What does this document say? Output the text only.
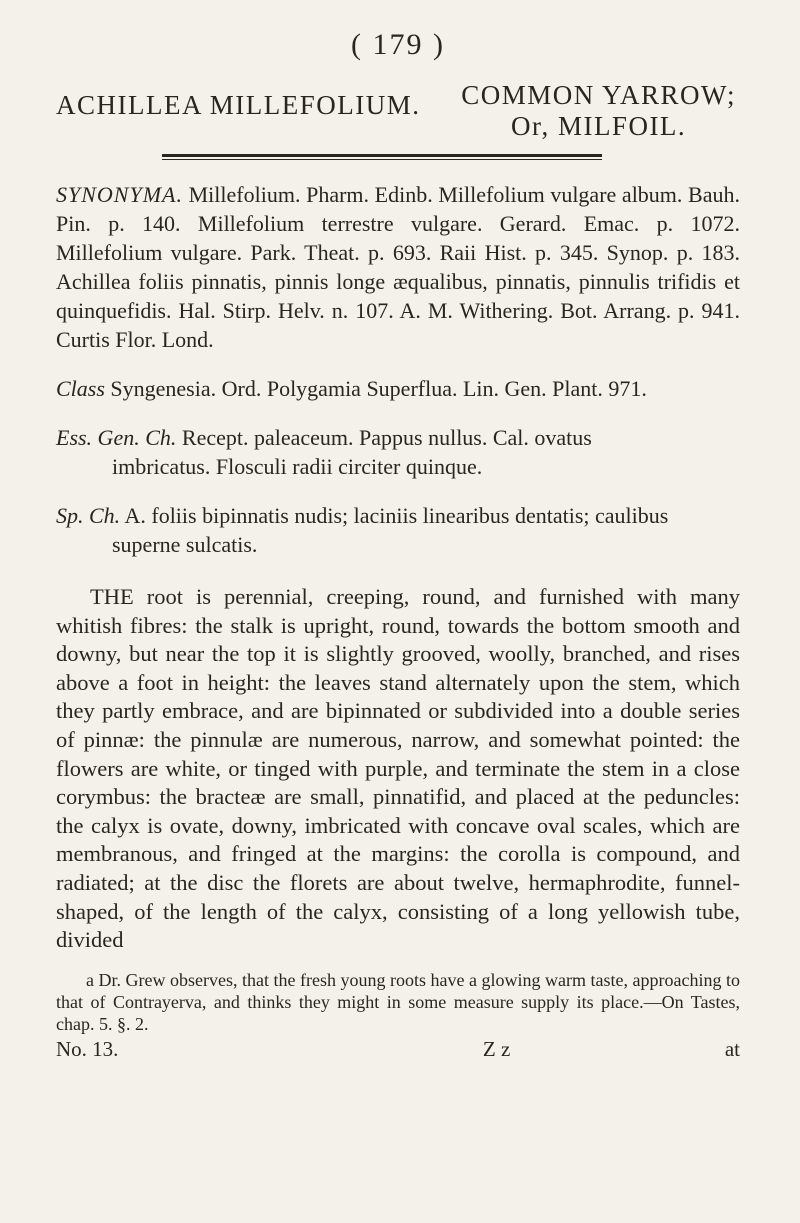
( 179 )
ACHILLEA MILLEFOLIUM. COMMON YARROW;
Or, MILFOIL.
SYNONYMA. Millefolium. Pharm. Edinb. Millefolium vulgare album. Bauh. Pin. p. 140. Millefolium terrestre vulgare. Gerard. Emac. p. 1072. Millefolium vulgare. Park. Theat. p. 693. Raii Hist. p. 345. Synop. p. 183. Achillea foliis pinnatis, pinnis longe æqualibus, pinnatis, pinnulis trifidis et quinquefidis. Hal. Stirp. Helv. n. 107. A. M. Withering. Bot. Arrang. p. 941. Curtis Flor. Lond.
Class Syngenesia. Ord. Polygamia Superflua. Lin. Gen. Plant. 971.
Ess. Gen. Ch. Recept. paleaceum. Pappus nullus. Cal. ovatus
imbricatus. Flosculi radii circiter quinque.
Sp. Ch. A. foliis bipinnatis nudis; laciniis linearibus dentatis; caulibus
superne sulcatis.
THE root is perennial, creeping, round, and furnished with many whitish fibres: the stalk is upright, round, towards the bottom smooth and downy, but near the top it is slightly grooved, woolly, branched, and rises above a foot in height: the leaves stand alternately upon the stem, which they partly embrace, and are bipinnated or subdivided into a double series of pinnæ: the pinnulæ are numerous, narrow, and somewhat pointed: the flowers are white, or tinged with purple, and terminate the stem in a close corymbus: the bracteæ are small, pinnatifid, and placed at the peduncles: the calyx is ovate, downy, imbricated with concave oval scales, which are membranous, and fringed at the margins: the corolla is compound, and radiated; at the disc the florets are about twelve, hermaphrodite, funnel-shaped, of the length of the calyx, consisting of a long yellowish tube, divided
a Dr. Grew observes, that the fresh young roots have a glowing warm taste, approaching to that of Contrayerva, and thinks they might in some measure supply its place.—On Tastes, chap. 5. §. 2.
No. 13.	Z z	at
